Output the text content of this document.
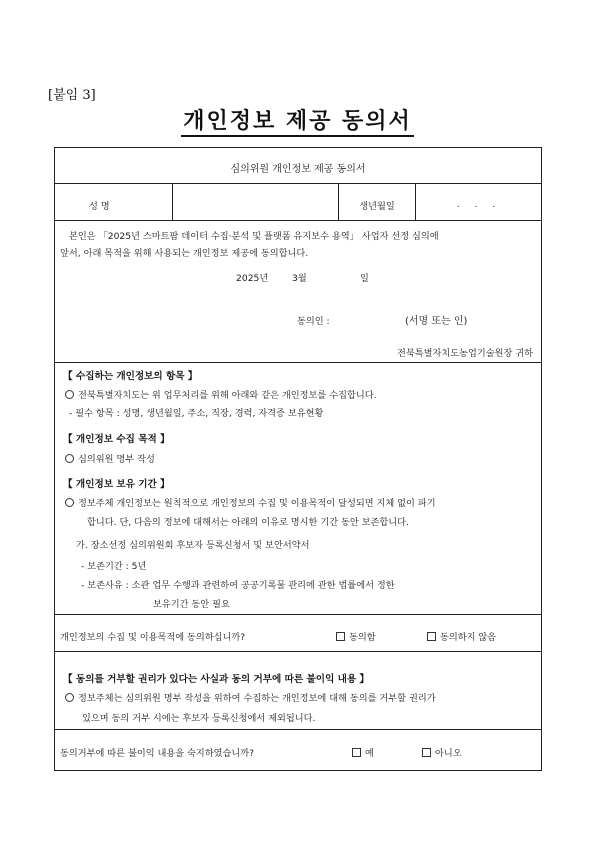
[붙임 3]
개인정보 제공 동의서
심의위원 개인정보 제공 동의서
성 명	생년월일	. . .
본인은 「2025년 스마트팜 데이터 수집·분석 및 플랫폼 유지보수 용역」 사업자 선정 심의에
앞서, 아래 목적을 위해 사용되는 개인정보 제공에 동의합니다.
2025년	3월	일
동의인 :	(서명 또는 인)
전북특별자치도농업기술원장 귀하
【 수집하는 개인정보의 항목 】
전북특별자치도는 위 업무처리를 위해 아래와 같은 개인정보를 수집합니다.
- 필수 항목 : 성명, 생년월일, 주소, 직장, 경력, 자격증 보유현황
【 개인정보 수집 목적 】
심의위원 명부 작성
【 개인정보 보유 기간 】
정보주체 개인정보는 원칙적으로 개인정보의 수집 및 이용목적이 달성되면 지체 없이 파기
합니다. 단, 다음의 정보에 대해서는 아래의 이유로 명시한 기간 동안 보존합니다.
가. 장소선정 심의위원회 후보자 등록신청서 및 보안서약서
- 보존기간 : 5년
- 보존사유 : 소관 업무 수행과 관련하여 공공기록물 관리에 관한 법률에서 정한
보유기간 동안 필요
개인정보의 수집 및 이용목적에 동의하십니까?	동의함	동의하지 않음
【 동의를 거부할 권리가 있다는 사실과 동의 거부에 따른 불이익 내용 】
정보주체는 심의위원 명부 작성을 위하여 수집하는 개인정보에 대해 동의를 거부할 권리가
있으며 동의 거부 시에는 후보자 등록신청에서 제외됩니다.
동의거부에 따른 불이익 내용을 숙지하였습니까?	예	아니오
